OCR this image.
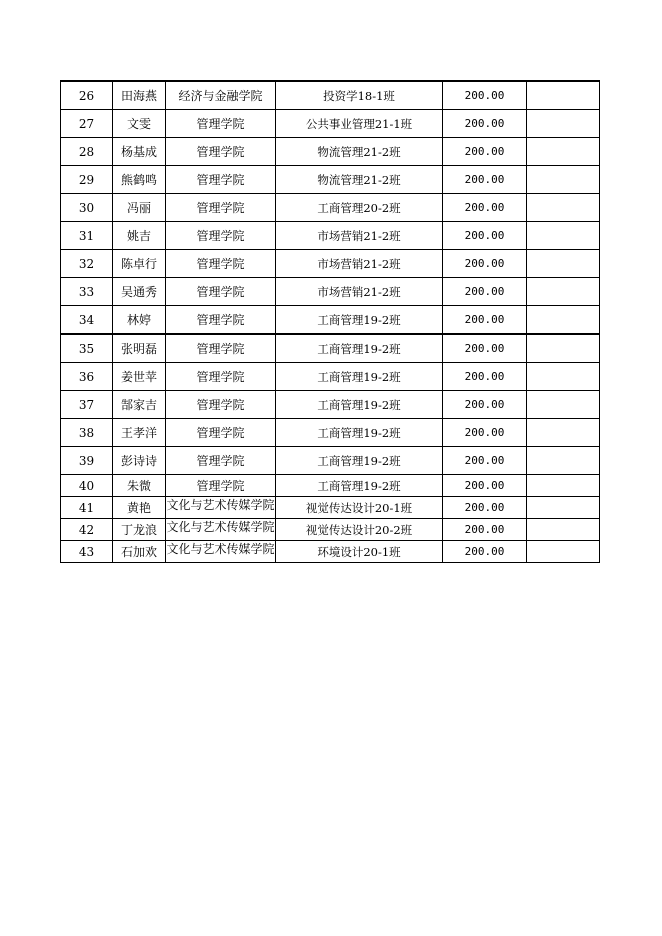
26	田海燕	经济与金融学院	投资学18-1班	200.00	
27	文雯	管理学院	公共事业管理21-1班	200.00	
28	杨基成	管理学院	物流管理21-2班	200.00	
29	熊鹤鸣	管理学院	物流管理21-2班	200.00	
30	冯丽	管理学院	工商管理20-2班	200.00	
31	姚吉	管理学院	市场营销21-2班	200.00	
32	陈卓行	管理学院	市场营销21-2班	200.00	
33	吴通秀	管理学院	市场营销21-2班	200.00	
34	林婷	管理学院	工商管理19-2班	200.00	
35	张明磊	管理学院	工商管理19-2班	200.00	
36	姜世苹	管理学院	工商管理19-2班	200.00	
37	郜家吉	管理学院	工商管理19-2班	200.00	
38	王孝洋	管理学院	工商管理19-2班	200.00	
39	彭诗诗	管理学院	工商管理19-2班	200.00	
40	朱微	管理学院	工商管理19-2班	200.00	
41	黄艳	文化与艺术传媒学院	视觉传达设计20-1班	200.00	
42	丁龙浪	文化与艺术传媒学院	视觉传达设计20-2班	200.00	
43	石加欢	文化与艺术传媒学院	环境设计20-1班	200.00	
